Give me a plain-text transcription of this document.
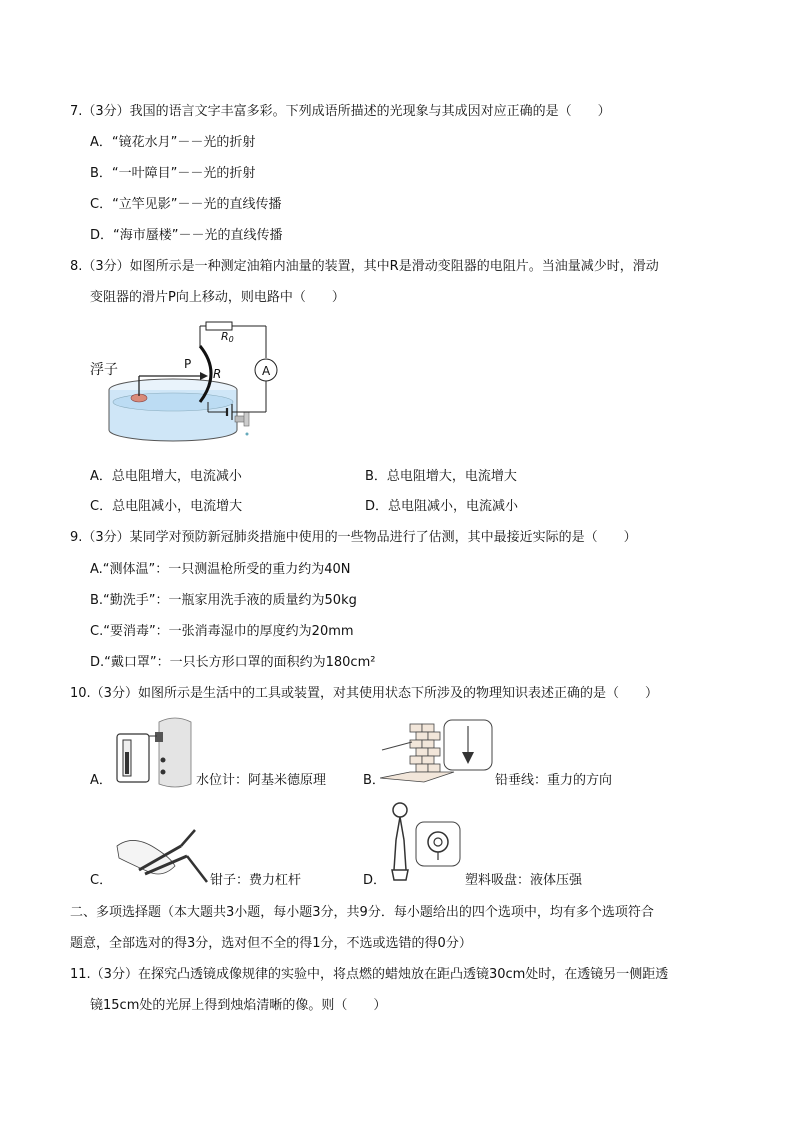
7.（3分）我国的语言文字丰富多彩。下列成语所描述的光现象与其成因对应正确的是（　　）
A．“镜花水月”－－光的折射
B．“一叶障目”－－光的折射
C．“立竿见影”－－光的直线传播
D．“海市蜃楼”－－光的直线传播
8.（3分）如图所示是一种测定油箱内油量的装置，其中R是滑动变阻器的电阻片。当油量减少时，滑动
变阻器的滑片P向上移动，则电路中（　　）
浮子	P
R
R0
A
A．总电阻增大，电流减小	B．总电阻增大，电流增大
C．总电阻减小，电流增大	D．总电阻减小，电流减小
9.（3分）某同学对预防新冠肺炎措施中使用的一些物品进行了估测，其中最接近实际的是（　　）
A.“测体温”：一只测温枪所受的重力约为40N
B.“勤洗手”：一瓶家用洗手液的质量约为50kg
C.“要消毒”：一张消毒湿巾的厚度约为20mm
D.“戴口罩”：一只长方形口罩的面积约为180cm²
10.（3分）如图所示是生活中的工具或装置，对其使用状态下所涉及的物理知识表述正确的是（　　）
A．	水位计：阿基米德原理	B．	铅垂线：重力的方向
C．	钳子：费力杠杆	D．	塑料吸盘：液体压强
二、多项选择题（本大题共3小题，每小题3分，共9分．每小题给出的四个选项中，均有多个选项符合
题意，全部选对的得3分，选对但不全的得1分，不选或选错的得0分）
11.（3分）在探究凸透镜成像规律的实验中，将点燃的蜡烛放在距凸透镜30cm处时，在透镜另一侧距透
镜15cm处的光屏上得到烛焰清晰的像。则（　　）
